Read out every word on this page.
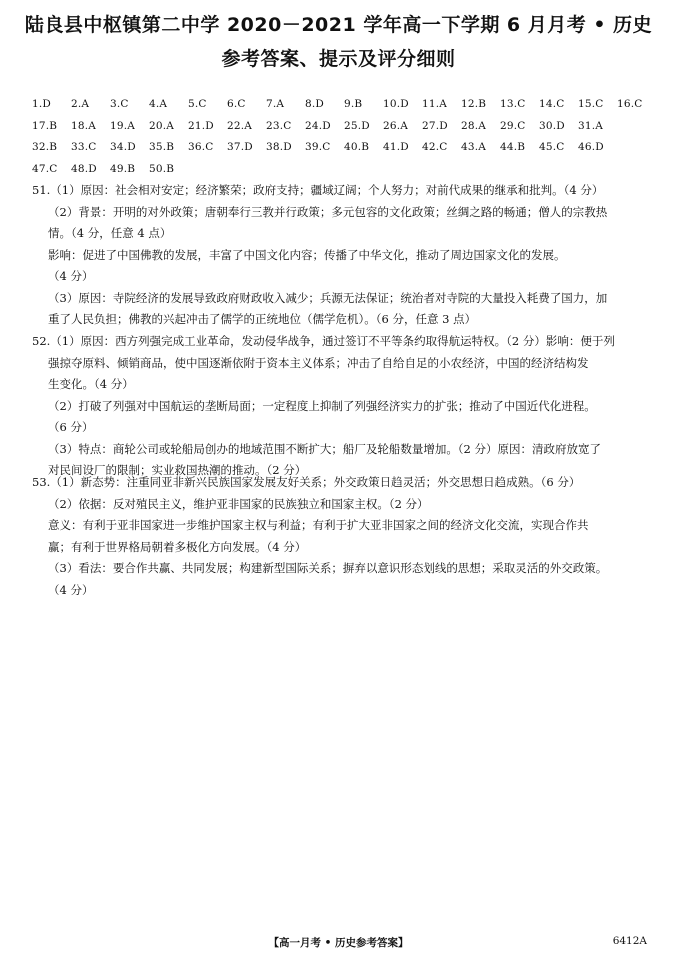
陆良县中枢镇第二中学 2020－2021 学年高一下学期 6 月月考 • 历史
参考答案、提示及评分细则
1.D	2.A	3.C	4.A	5.C	6.C	7.A	8.D	9.B	10.D	11.A	12.B	13.C	14.C	15.C	16.C
17.B	18.A	19.A	20.A	21.D	22.A	23.C	24.D	25.D	26.A	27.D	28.A	29.C	30.D	31.A
32.B	33.C	34.D	35.B	36.C	37.D	38.D	39.C	40.B	41.D	42.C	43.A	44.B	45.C	46.D
47.C	48.D	49.B	50.B
51.（1）原因：社会相对安定；经济繁荣；政府支持；疆域辽阔；个人努力；对前代成果的继承和批判。（4 分）
（2）背景：开明的对外政策；唐朝奉行三教并行政策；多元包容的文化政策；丝绸之路的畅通；僧人的宗教热
情。（4 分，任意 4 点）
影响：促进了中国佛教的发展，丰富了中国文化内容；传播了中华文化，推动了周边国家文化的发展。
（4 分）
（3）原因：寺院经济的发展导致政府财政收入减少；兵源无法保证；统治者对寺院的大量投入耗费了国力，加
重了人民负担；佛教的兴起冲击了儒学的正统地位（儒学危机）。（6 分，任意 3 点）
52.（1）原因：西方列强完成工业革命，发动侵华战争，通过签订不平等条约取得航运特权。（2 分）影响：便于列
强掠夺原料、倾销商品，使中国逐渐依附于资本主义体系；冲击了自给自足的小农经济，中国的经济结构发
生变化。（4 分）
（2）打破了列强对中国航运的垄断局面；一定程度上抑制了列强经济实力的扩张；推动了中国近代化进程。
（6 分）
（3）特点：商轮公司或轮船局创办的地域范围不断扩大；船厂及轮船数量增加。（2 分）原因：清政府放宽了
对民间设厂的限制；实业救国热潮的推动。（2 分）
53.（1）新态势：注重同亚非新兴民族国家发展友好关系；外交政策日趋灵活；外交思想日趋成熟。（6 分）
（2）依据：反对殖民主义，维护亚非国家的民族独立和国家主权。（2 分）
意义：有利于亚非国家进一步维护国家主权与利益；有利于扩大亚非国家之间的经济文化交流，实现合作共
赢；有利于世界格局朝着多极化方向发展。（4 分）
（3）看法：要合作共赢、共同发展；构建新型国际关系；摒弃以意识形态划线的思想；采取灵活的外交政策。
（4 分）
【高一月考 • 历史参考答案】	6412A
